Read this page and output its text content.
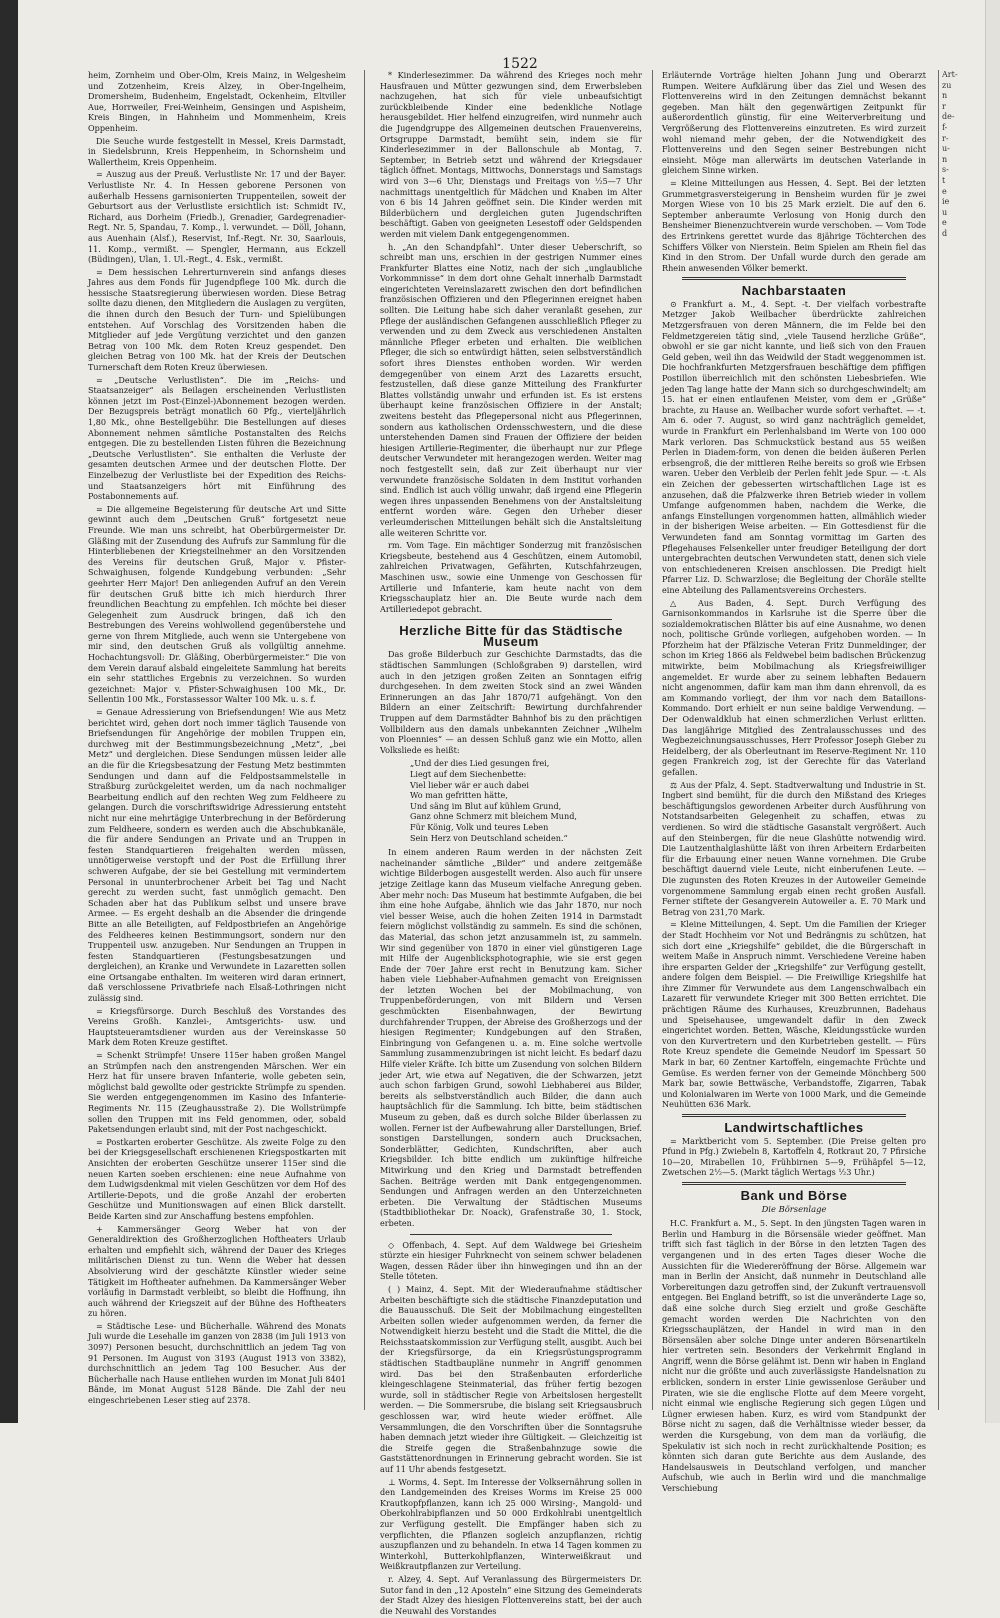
1522

heim, Zornheim und Ober-Olm, Kreis Mainz, in Welgesheim und Zotzenheim, Kreis Alzey, in Ober-Ingelheim, Dromersheim, Budenheim, Engelstadt, Ockenheim, Eltviller Aue, Horrweiler, Frei-Weinheim, Gensingen und Aspisheim, Kreis Bingen, in Hahnheim und Mommenheim, Kreis Oppenheim.

Die Seuche wurde festgestellt in Messel, Kreis Darmstadt, in Siedelsbrunn, Kreis Heppenheim, in Schornsheim und Wallertheim, Kreis Oppenheim.

= Auszug aus der Preuß. Verlustliste Nr. 17 und der Bayer. Verlustliste Nr. 4. In Hessen geborene Personen von außerhalb Hessens garnisonierten Truppenteilen, soweit der Geburtsort aus der Verlustliste ersichtlich ist: Schmidt IV., Richard, aus Dorheim (Friedb.), Grenadier, Gardegrenadier-Regt. Nr. 5, Spandau, 7. Komp., l. verwundet. — Döll, Johann, aus Auenhain (Alsf.), Reservist, Inf.-Regt. Nr. 30, Saarlouis, 11. Komp., vermißt. — Spengler, Hermann, aus Eckzell (Büdingen), Ulan, 1. Ul.-Regt., 4. Esk., vermißt.

= Dem hessischen Lehrerturnverein sind anfangs dieses Jahres aus dem Fonds für Jugendpflege 100 Mk. durch die hessische Staatsregierung überwiesen worden. Diese Betrag sollte dazu dienen, den Mitgliedern die Auslagen zu vergüten, die ihnen durch den Besuch der Turn- und Spielübungen entstehen. Auf Vorschlag des Vorsitzenden haben die Mitglieder auf jede Vergütung verzichtet und den ganzen Betrag von 100 Mk. dem Roten Kreuz gespendet. Den gleichen Betrag von 100 Mk. hat der Kreis der Deutschen Turnerschaft dem Roten Kreuz überwiesen.

= „Deutsche Verlustlisten“. Die im „Reichs- und Staatsanzeiger“ als Beilagen erscheinenden Verlustlisten können jetzt im Post-(Einzel-)Abonnement bezogen werden. Der Bezugspreis beträgt monatlich 60 Pfg., vierteljährlich 1,80 Mk., ohne Bestellgebühr. Die Bestellungen auf dieses Abonnement nehmen sämtliche Postanstalten des Reichs entgegen. Die zu bestellenden Listen führen die Bezeichnung „Deutsche Verlustlisten“. Sie enthalten die Verluste der gesamten deutschen Armee und der deutschen Flotte. Der Einzelbezug der Verlustliste bei der Expedition des Reichs- und Staatsanzeigers hört mit Einführung des Postabonnements auf.

= Die allgemeine Begeisterung für deutsche Art und Sitte gewinnt auch dem „Deutschen Gruß“ fortgesetzt neue Freunde. Wie man uns schreibt, hat Oberbürgermeister Dr. Gläßing mit der Zusendung des Aufrufs zur Sammlung für die Hinterbliebenen der Kriegsteilnehmer an den Vorsitzenden des Vereins für deutschen Gruß, Major v. Pfister-Schwaighusen, folgende Kundgebung verbunden: „Sehr geehrter Herr Major! Den anliegenden Aufruf an den Verein für deutschen Gruß bitte ich mich hierdurch Ihrer freundlichen Beachtung zu empfehlen. Ich möchte bei dieser Gelegenheit zum Ausdruck bringen, daß ich den Bestrebungen des Vereins wohlwollend gegenüberstehe und gerne von Ihrem Mitgliede, auch wenn sie Untergebene von mir sind, den deutschen Gruß als vollgültig annehme. Hochachtungsvoll: Dr. Gläßing, Oberbürgermeister.“ Die von dem Verein darauf alsbald eingeleitete Sammlung hat bereits ein sehr stattliches Ergebnis zu verzeichnen. So wurden gezeichnet: Major v. Pfister-Schwaighusen 100 Mk., Dr. Sellentin 100 Mk., Forstassessor Walter 100 Mk. u. s. f.

= Genaue Adressierung von Briefsendungen! Wie aus Metz berichtet wird, gehen dort noch immer täglich Tausende von Briefsendungen für Angehörige der mobilen Truppen ein, durchweg mit der Bestimmungsbezeichnung „Metz“, „bei Metz“ und dergleichen. Diese Sendungen müssen leider alle an die für die Kriegsbesatzung der Festung Metz bestimmten Sendungen und dann auf die Feldpostsammelstelle in Straßburg zurückgeleitet werden, um da nach nochmaliger Bearbeitung endlich auf den rechten Weg zum Feldheere zu gelangen. Durch die vorschriftswidrige Adressierung entsteht nicht nur eine mehrtägige Unterbrechung in der Beförderung zum Feldheere, sondern es werden auch die Abschubkanäle, die für andere Sendungen an Private und an Truppen in festen Standquartieren freigehalten werden müssen, unnötigerweise verstopft und der Post die Erfüllung ihrer schweren Aufgabe, der sie bei Gestellung mit vermindertem Personal in ununterbrochener Arbeit bei Tag und Nacht gerecht zu werden sucht, fast unmöglich gemacht. Den Schaden aber hat das Publikum selbst und unsere brave Armee. — Es ergeht deshalb an die Absender die dringende Bitte an alle Beteiligten, auf Feldpostbriefen an Angehörige des Feldheeres keinen Bestimmungsort, sondern nur den Truppenteil usw. anzugeben. Nur Sendungen an Truppen in festen Standquartieren (Festungsbesatzungen und dergleichen), an Kranke und Verwundete in Lazaretten sollen eine Ortsangabe enthalten. Im weiteren wird daran erinnert, daß verschlossene Privatbriefe nach Elsaß-Lothringen nicht zulässig sind.

= Kriegsfürsorge. Durch Beschluß des Vorstandes des Vereins Großh. Kanzlei-, Amtsgerichts- usw. und Hauptsteueramtsdiener wurden aus der Vereinskasse 50 Mark dem Roten Kreuze gestiftet.

= Schenkt Strümpfe! Unsere 115er haben großen Mangel an Strümpfen nach den anstrengenden Märschen. Wer ein Herz hat für unsere braven Infanterie, wolle gebeten sein, möglichst bald gewollte oder gestrickte Strümpfe zu spenden. Sie werden entgegengenommen im Kasino des Infanterie-Regiments Nr. 115 (Zeughausstraße 2). Die Wollstrümpfe sollen den Truppen mit ins Feld genommen, oder, sobald Paketsendungen erlaubt sind, mit der Post nachgeschickt.

= Postkarten eroberter Geschütze. Als zweite Folge zu den bei der Kriegsgesellschaft erschienenen Kriegspostkarten mit Ansichten der eroberten Geschütze unserer 115er sind die neuen Karten soeben erschienen: eine neue Aufnahme von dem Ludwigsdenkmal mit vielen Geschützen vor dem Hof des Artillerie-Depots, und die große Anzahl der eroberten Geschütze und Munitionswagen auf einen Blick darstellt. Beide Karten sind zur Anschaffung bestens empfohlen.

+ Kammersänger Georg Weber hat von der Generaldirektion des Großherzoglichen Hoftheaters Urlaub erhalten und empfiehlt sich, während der Dauer des Krieges militärischen Dienst zu tun. Wenn die Weber hat dessen Absolvierung wird der geschätzte Künstler wieder seine Tätigkeit im Hoftheater aufnehmen. Da Kammersänger Weber vorläufig in Darmstadt verbleibt, so bleibt die Hoffnung, ihn auch während der Kriegszeit auf der Bühne des Hoftheaters zu hören.

= Städtische Lese- und Bücherhalle. Während des Monats Juli wurde die Lesehalle im ganzen von 2838 (im Juli 1913 von 3097) Personen besucht, durchschnittlich an jedem Tag von 91 Personen. Im August von 3193 (August 1913 von 3382), durchschnittlich an jedem Tag 100 Besucher. Aus der Bücherhalle nach Hause entliehen wurden im Monat Juli 8401 Bände, im Monat August 5128 Bände. Die Zahl der neu eingeschriebenen Leser stieg auf 2378.

* Kinderlesezimmer. Da während des Krieges noch mehr Hausfrauen und Mütter gezwungen sind, dem Erwerbsleben nachzugehen, hat sich für viele unbeaufsichtigt zurückbleibende Kinder eine bedenkliche Notlage herausgebildet. Hier helfend einzugreifen, wird nunmehr auch die Jugendgruppe des Allgemeinen deutschen Frauenvereins, Ortsgruppe Darmstadt, bemüht sein, indem sie für Kinderlesezimmer in der Ballonschule ab Montag, 7. September, in Betrieb setzt und während der Kriegsdauer täglich öffnet. Montags, Mittwochs, Donnerstags und Samstags wird von 3—6 Uhr, Dienstags und Freitags von ½5—7 Uhr nachmittags unentgeltlich für Mädchen und Knaben im Alter von 6 bis 14 Jahren geöffnet sein. Die Kinder werden mit Bilderbüchern und dergleichen guten Jugendschriften beschäftigt. Gaben von geeigneten Lesestoff oder Geldspenden werden mit vielem Dank entgegengenommen.

h. „An den Schandpfahl“. Unter dieser Ueberschrift, so schreibt man uns, erschien in der gestrigen Nummer eines Frankfurter Blattes eine Notiz, nach der sich „unglaubliche Vorkommnisse“ in dem dort ohne Gehalt innerhalb Darmstadt eingerichteten Vereinslazarett zwischen den dort befindlichen französischen Offizieren und den Pflegerinnen ereignet haben sollten. Die Leitung habe sich daher veranlaßt gesehen, zur Pflege der ausländischen Gefangenen ausschließlich Pfleger zu verwenden und zu dem Zweck aus verschiedenen Anstalten männliche Pfleger erbeten und erhalten. Die weiblichen Pfleger, die sich so entwürdigt hätten, seien selbstverständlich sofort ihres Dienstes enthoben worden. Wir werden demgegenüber von einem Arzt des Lazaretts ersucht, festzustellen, daß diese ganze Mitteilung des Frankfurter Blattes vollständig unwahr und erfunden ist. Es ist erstens überhaupt keine französischen Offiziere in der Anstalt; zweitens besteht das Pflegepersonal nicht aus Pflegerinnen, sondern aus katholischen Ordensschwestern, und die diese unterstehenden Damen sind Frauen der Offiziere der beiden hiesigen Artillerie-Regimenter, die überhaupt nur zur Pflege deutscher Verwundeter mit herangezogen werden. Weiter mag noch festgestellt sein, daß zur Zeit überhaupt nur vier verwundete französische Soldaten in dem Institut vorhanden sind. Endlich ist auch völlig unwahr, daß irgend eine Pflegerin wegen ihres unpassenden Benehmens von der Anstaltsleitung entfernt worden wäre. Gegen den Urheber dieser verleumderischen Mitteilungen behält sich die Anstaltsleitung alle weiteren Schritte vor.

rm. Vom Tage. Ein mächtiger Sonderzug mit französischen Kriegsbeute, bestehend aus 4 Geschützen, einem Automobil, zahlreichen Privatwagen, Gefährten, Kutschfahrzeugen, Maschinen usw., sowie eine Unmenge von Geschossen für Artillerie und Infanterie, kam heute nacht von dem Kriegsschauplatz hier an. Die Beute wurde nach dem Artilleriedepot gebracht.

Herzliche Bitte für das Städtische Museum

Das große Bilderbuch zur Geschichte Darmstadts, das die städtischen Sammlungen (Schloßgraben 9) darstellen, wird auch in den jetzigen großen Zeiten an Sonntagen eifrig durchgesehen. In dem zweiten Stock sind an zwei Wänden Erinnerungen an das Jahr 1870/71 aufgehängt. Von den Bildern an einer Zeitschrift: Bewirtung durchfahrender Truppen auf dem Darmstädter Bahnhof bis zu den prächtigen Vollbildern aus den damals unbekannten Zeichner „Wilhelm von Ploennies“ — an dessen Schluß ganz wie ein Motto, allen Volksliede es heißt:

„Und der dies Lied gesungen frei,
Liegt auf dem Siechenbette:
Viel lieber wär er auch dabei
Wo man gefritten hätte,
Und säng im Blut auf kühlem Grund,
Ganz ohne Schmerz mit bleichem Mund,
Für König, Volk und teures Leben
Sein Herz von Deutschland scheiden.“

In einem anderen Raum werden in der nächsten Zeit nacheinander sämtliche „Bilder“ und andere zeitgemäße wichtige Bilderbogen ausgestellt werden. Also auch für unsere jetzige Zeitlage kann das Museum vielfache Anregung geben. Aber mehr noch: Das Museum hat bestimmte Aufgaben, die bei ihm eine hohe Aufgabe, ähnlich wie das Jahr 1870, nur noch viel besser Weise, auch die hohen Zeiten 1914 in Darmstadt feiern möglichst vollständig zu sammeln. Es sind die schönen, das Material, das schon jetzt anzusammeln ist, zu sammeln. Wir sind gegenüber von 1870 in einer viel günstigeren Lage mit Hilfe der Augenblicksphotographie, wie sie erst gegen Ende der 70er Jahre erst recht in Benutzung kam. Sicher haben viele Liebhaber-Aufnahmen gemacht von Ereignissen der letzten Wochen bei der Mobilmachung, von Truppenbeförderungen, von mit Bildern und Versen geschmückten Eisenbahnwagen, der Bewirtung durchfahrender Truppen, der Abreise des Großherzogs und der hiesigen Regimenter; Kundgebungen auf den Straßen, Einbringung von Gefangenen u. a. m. Eine solche wertvolle Sammlung zusammenzubringen ist nicht leicht. Es bedarf dazu Hilfe vieler Kräfte. Ich bitte um Zusendung von solchen Bildern jeder Art, wie etwa auf Negativen, die der Schwarzen, jetzt auch schon farbigen Grund, sowohl Liebhaberei aus Bilder, bereits als selbstverständlich auch Bilder, die dann auch hauptsächlich für die Sammlung. Ich bitte, beim städtischen Museum zu geben, daß es durch solche Bilder überlassen zu wollen. Ferner ist der Aufbewahrung aller Darstellungen, Brief. sonstigen Darstellungen, sondern auch Drucksachen, Sonderblätter, Gedichten, Kundschriften, aber auch Kriegsbilder. Ich bitte endlich um zukünftige hilfreiche Mitwirkung und den Krieg und Darmstadt betreffenden Sachen. Beiträge werden mit Dank entgegengenommen. Sendungen und Anfragen werden an den Unterzeichneten erbeten. Die Verwaltung der Städtischen Museums (Stadtbibliothekar Dr. Noack), Grafenstraße 30, 1. Stock, erbeten.

◇ Offenbach, 4. Sept. Auf dem Waldwege bei Griesheim stürzte ein hiesiger Fuhrknecht von seinem schwer beladenen Wagen, dessen Räder über ihn hinwegingen und ihn an der Stelle töteten.

( ) Mainz, 4. Sept. Mit der Wiederaufnahme städtischer Arbeiten beschäftigte sich die städtische Finanzdeputation und die Bauausschuß. Die Seit der Mobilmachung eingestellten Arbeiten sollen wieder aufgenommen werden, da ferner die Notwendigkeit hierzu besteht und die Stadt die Mittel, die die Reichsstaatskommission zur Verfügung stellt, ausgibt. Auch bei der Kriegsfürsorge, da ein Kriegsrüstungsprogramm städtischen Stadtbaupläne nunmehr in Angriff genommen wird. Das bei den Straßenbauten erforderliche kleingeschlagene Steinmaterial, das früher fertig bezogen wurde, soll in städtischer Regie von Arbeitslosen hergestellt werden. — Die Sommersrube, die bislang seit Kriegsausbruch geschlossen war, wird heute wieder eröffnet. Alle Versammlungen, die den Vorschriften über die Sonntagsruhe haben demnach jetzt wieder ihre Gültigkeit. — Gleichzeitig ist die Streife gegen die Straßenbahnzuge sowie die Gaststättenordnungen in Erinnerung gebracht worden. Sie ist auf 11 Uhr abends festgesetzt.

⊥ Worms, 4. Sept. Im Interesse der Volksernährung sollen in den Landgemeinden des Kreises Worms im Kreise 25 000 Krautkopfpflanzen, kann ich 25 000 Wirsing-, Mangold- und Oberkohlrabipflanzen und 50 000 Erdkohlrabi unentgeltlich zur Verfügung gestellt. Die Empfänger haben sich zu verpflichten, die Pflanzen sogleich anzupflanzen, richtig auszupflanzen und zu behandeln. In etwa 14 Tagen kommen zu Winterkohl, Butterkohlpflanzen, Winterweißkraut und Weißkrautpflanzen zur Verteilung.

r. Alzey, 4. Sept. Auf Veranlassung des Bürgermeisters Dr. Sutor fand in den „12 Aposteln“ eine Sitzung des Gemeinderats der Stadt Alzey des hiesigen Flottenvereins statt, bei der auch die Neuwahl des Vorstandes

Erläuternde Vorträge hielten Johann Jung und Oberarzt Rumpen. Weitere Aufklärung über das Ziel und Wesen des Flottenvereins wird in den Zeitungen demnächst bekannt gegeben. Man hält den gegenwärtigen Zeitpunkt für außerordentlich günstig, für eine Weiterverbreitung und Vergrößerung des Flottenvereins einzutreten. Es wird zurzeit wohl niemand mehr geben, der die Notwendigkeit des Flottenvereins und den Segen seiner Bestrebungen nicht einsieht. Möge man allerwärts im deutschen Vaterlande in gleichem Sinne wirken.

= Kleine Mitteilungen aus Hessen, 4. Sept. Bei der letzten Grummetgrasversteigerung in Bensheim wurden für je zwei Morgen Wiese von 10 bis 25 Mark erzielt. Die auf den 6. September anberaumte Verlosung von Honig durch den Bensheimer Bienenzuchtverein wurde verschoben. — Vom Tode des Ertrinkens gerettet wurde das 8jährige Töchterchen des Schiffers Völker von Nierstein. Beim Spielen am Rhein fiel das Kind in den Strom. Der Unfall wurde durch den gerade am Rhein anwesenden Völker bemerkt.

Nachbarstaaten

⊙ Frankfurt a. M., 4. Sept. -t. Der vielfach vorbestrafte Metzger Jakob Weilbacher überdrückte zahlreichen Metzgersfrauen von deren Männern, die im Felde bei den Feldmetzgereien tätig sind, „viele Tausend herzliche Grüße“, obwohl er sie gar nicht kannte, und ließ sich von den Frauen Geld geben, weil ihn das Weidwild der Stadt weggenommen ist. Die hochfrankfurten Metzgersfrauen beschäftige dem pfiffigen Postillon überreichlich mit den schönsten Liebesbriefen. Wie jeden Tag lange hatte der Mann sich so durchgeschwindelt; am 15. hat er einen entlaufenen Meister, vom dem er „Grüße“ brachte, zu Hause an. Weilbacher wurde sofort verhaftet. — -t. Am 6. oder 7. August, so wird ganz nachträglich gemeldet, wurde in Frankfurt ein Perlenhalsband im Werte von 100 000 Mark verloren. Das Schmuckstück bestand aus 55 weißen Perlen in Diadem-form, von denen die beiden äußeren Perlen erbsengroß, die der mittleren Reihe bereits so groß wie Erbsen waren. Ueber den Verbleib der Perlen fehlt jede Spur. — -t. Als ein Zeichen der gebesserten wirtschaftlichen Lage ist es anzusehen, daß die Pfalzwerke ihren Betrieb wieder in vollem Umfange aufgenommen haben, nachdem die Werke, die anfangs Einstellungen vorgenommen hatten, allmählich wieder in der bisherigen Weise arbeiten. — Ein Gottesdienst für die Verwundeten fand am Sonntag vormittag im Garten des Pflegehauses Felsenkeller unter freudiger Beteiligung der dort untergebrachten deutschen Verwundeten statt, denen sich viele von entschiedeneren Kreisen anschlossen. Die Predigt hielt Pfarrer Liz. D. Schwarzlose; die Begleitung der Choräle stellte eine Abteilung des Pallamentsvereins Orchesters.

△ Aus Baden, 4. Sept. Durch Verfügung des Garnisonkommandos in Karlsruhe ist die Sperre über die sozialdemokratischen Blätter bis auf eine Ausnahme, wo denen noch, politische Gründe vorliegen, aufgehoben worden. — In Pforzheim hat der Pfälzische Veteran Fritz Dunmeldinger, der schon im Krieg 1866 als Feldwebel beim badischen Brückenzug mitwirkte, beim Mobilmachung als Kriegsfreiwilliger angemeldet. Er wurde aber zu seinem lebhaften Bedauern nicht angenommen, dafür kam man ihm dann ehrenvoll, da es am Kommando vorliegt, der ihm vor nach dem Bataillons-Kommando. Dort erhielt er nun seine baldige Verwendung. — Der Odenwaldklub hat einen schmerzlichen Verlust erlitten. Das langjährige Mitglied des Zentralausschusses und des Wegbezeichnungsausschusses, Herr Professor Joseph Gieber zu Heidelberg, der als Oberleutnant im Reserve-Regiment Nr. 110 gegen Frankreich zog, ist der Gerechte für das Vaterland gefallen.

⚖ Aus der Pfalz, 4. Sept. Stadtverwaltung und Industrie in St. Ingbert sind bemüht, für die durch den Mißstand des Krieges beschäftigungslos gewordenen Arbeiter durch Ausführung von Notstandsarbeiten Gelegenheit zu schaffen, etwas zu verdienen. So wird die städtische Gasanstalt vergrößert. Auch auf den Steinbergen, für die neue Glashütte notwendig wird. Die Lautzenthalglashütte läßt von ihren Arbeitern Erdarbeiten für die Erbauung einer neuen Wanne vornehmen. Die Grube beschäftigt dauernd viele Leute, nicht einberufenen Leute. — Die zugunsten des Roten Kreuzes in der Autoweiler Gemeinde vorgenommene Sammlung ergab einen recht großen Ausfall. Ferner stiftete der Gesangverein Autoweiler a. E. 70 Mark und Betrag von 231,70 Mark.

= Kleine Mitteilungen, 4. Sept. Um die Familien der Krieger der Stadt Hochheim vor Not und Bedrängnis zu schützen, hat sich dort eine „Kriegshilfe“ gebildet, die die Bürgerschaft in weitem Maße in Anspruch nimmt. Verschiedene Vereine haben ihre ersparten Gelder der „Kriegshilfe“ zur Verfügung gestellt, andere folgen dem Beispiel. — Die Freiwillige Kriegshilfe hat ihre Zimmer für Verwundete aus dem Langenschwalbach ein Lazarett für verwundete Krieger mit 300 Betten errichtet. Die prächtigen Räume des Kurhauses, Kreuzbrunnen, Badehaus und Speisehausee, umgewandelt dafür in den Zweck eingerichtet worden. Betten, Wäsche, Kleidungsstücke wurden von den Kurvertretern und den Kurbetrieben gestellt. — Fürs Rote Kreuz spendete die Gemeinde Neudorf im Spessart 50 Mark in bar, 60 Zentner Kartoffeln, eingemachte Früchte und Gemüse. Es werden ferner von der Gemeinde Mönchberg 500 Mark bar, sowie Bettwäsche, Verbandstoffe, Zigarren, Tabak und Kolonialwaren im Werte von 1000 Mark, und die Gemeinde Neuhütten 636 Mark.

Landwirtschaftliches

= Marktbericht vom 5. September. (Die Preise gelten pro Pfund in Pfg.) Zwiebeln 8, Kartoffeln 4, Rotkraut 20, 7 Pfirsiche 10—20, Mirabellen 10, Frühbirnen 5—9, Frühäpfel 5—12, Zwetschen 2½—5. (Markt täglich Wertags ½3 Uhr.)

Bank und Börse
Die Börsenlage

H.C. Frankfurt a. M., 5. Sept. In den jüngsten Tagen waren in Berlin und Hamburg in die Börsensäle wieder geöffnet. Man trifft sich fast täglich in der Börse in den letzten Tagen des vergangenen und in des erten Tages dieser Woche die Aussichten für die Wiedereröffnung der Börse. Allgemein war man in Berlin der Ansicht, daß nunmehr in Deutschland alle Vorbereitungen dazu getroffen sind, der Zukunft vertrauensvoll entgegen. Bei England betrifft, so ist die unveränderte Lage so, daß eine solche durch Sieg erzielt und große Geschäfte gemacht worden werden Die Nachrichten von den Kriegsschauplätzen, der Handel in wird man in den Börsensälen aber solche Dinge unter anderen Börsenartikeln hier vertreten sein. Besonders der Verkehrmit England in Angriff, wenn die Börse gelähmt ist. Denn wir haben in England nicht nur die größte und auch zuverlässigste Handelsnation zu erblicken, sondern in erster Linie gewissenlose Geräuber und Piraten, wie sie die englische Flotte auf dem Meere vorgeht, nicht einmal wie englische Regierung sich gegen Lügen und Lügner erwiesen haben. Kurz, es wird vom Standpunkt der Börse nicht zu sagen, daß die Verhältnisse wieder besser, da werden die Kursgebung, von dem man da vorläufig, die Spekulativ ist sich noch in recht zurückhaltende Position; es könnten sich daran gute Berichte aus dem Auslande, des Handelsausweis in Deutschland verfolgen, und mancher Aufschub, wie auch in Berlin wird und die manchmalige Verschiebung

Art-
zu
n
r
de-
f-
r-
u-
n
s-
t
e
ie
u
e
d
